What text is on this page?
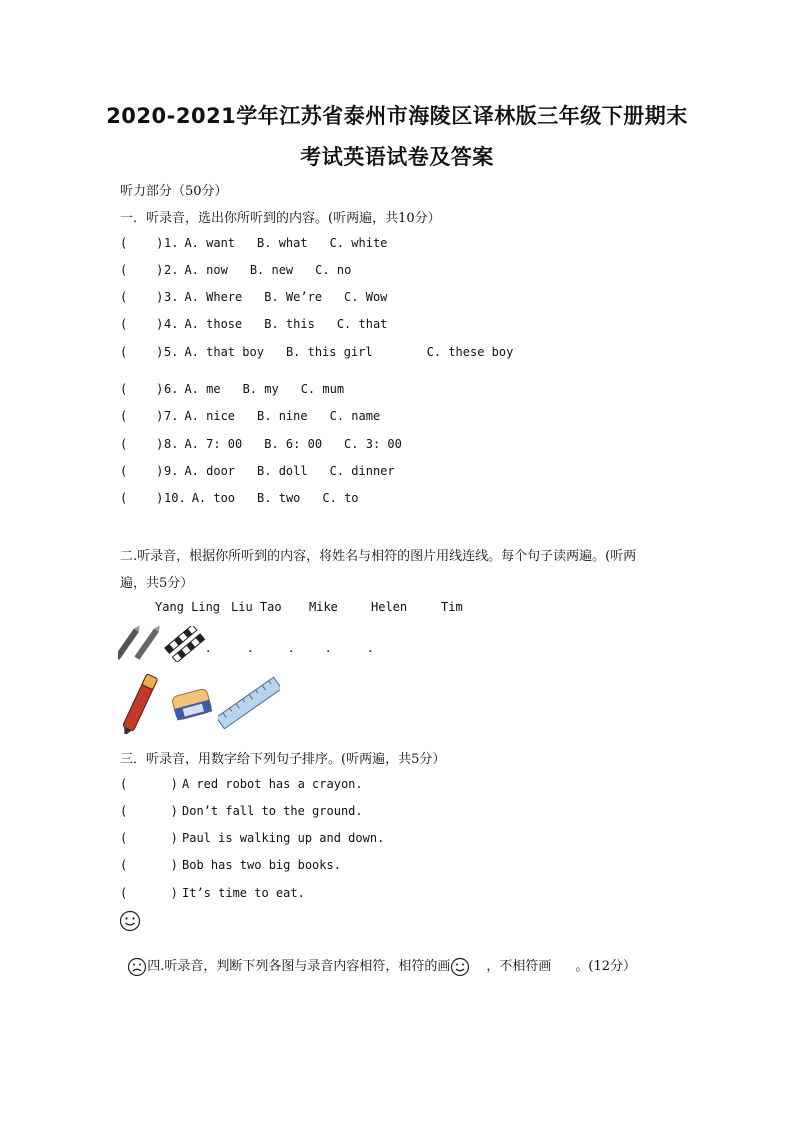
2020-2021学年江苏省泰州市海陵区译林版三年级下册期末
考试英语试卷及答案
听力部分（50分）
一．听录音，选出你所听到的内容。(听两遍，共10分）
(    )1. A. want B. what C. white
(    )2. A. now B. new C. no
(    )3. A. Where B. We’re C. Wow
(    )4. A. those B. this C. that
(    )5. A. that boy B. this girl	C. these boy
(    )6. A. me B. my C. mum
(    )7. A. nice B. nine C. name
(    )8. A. 7: 00 B. 6: 00 C. 3: 00
(    )9. A. door B. doll C. dinner
(    )10. A. too B. two C. to
二.听录音，根据你所听到的内容，将姓名与相符的图片用线连线。每个句子读两遍。(听两
遍，共5分）
Yang Ling Liu Tao Mike	Helen	Tim
.	.	. .	.
三．听录音，用数字给下列句子排序。(听两遍，共5分）
(      ) A red robot has a crayon.
(      ) Don’t fall to the ground.
(      ) Paul is walking up and down.
(      ) Bob has two big books.
(      ) It’s time to eat.

四.听录音，判断下列各图与录音内容相符，相符的画	，不相符画 。(12分）
